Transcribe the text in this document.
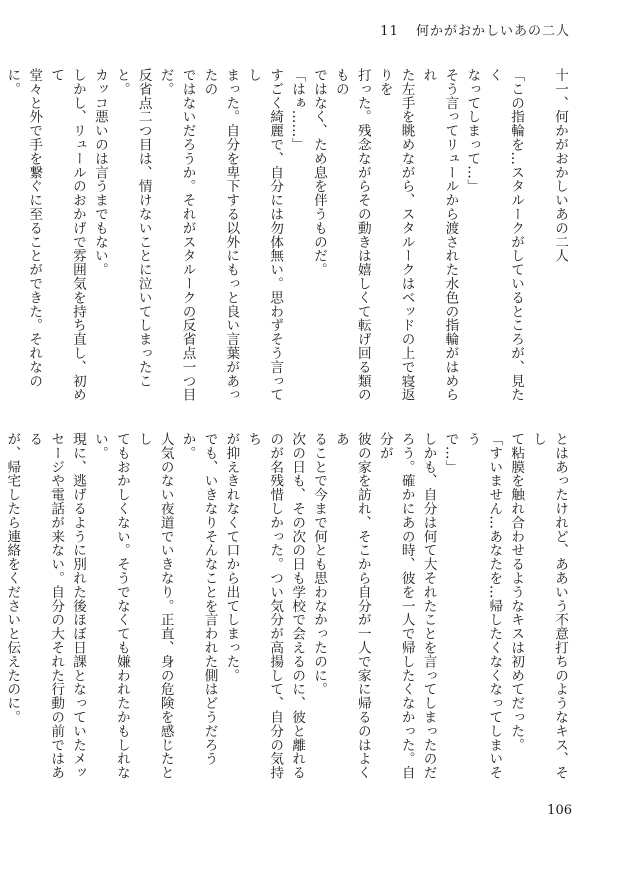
11 何かがおかしいあの二人

十一、何かがおかしいあの二人

「この指輪を…スタルークがしているところが、見たく

なってしまって…」

そう言ってリュールから渡された水色の指輪がはめられ

た左手を眺めながら、スタルークはベッドの上で寝返りを

打った。残念ながらその動きは嬉しくて転げ回る類のもの

ではなく、ため息を伴うものだ。

「はぁ……」

すごく綺麗で、自分には勿体無い。思わずそう言ってし

まった。自分を卑下する以外にもっと良い言葉があったの

ではないだろうか。それがスタルークの反省点一つ目だ。

反省点二つ目は、情けないことに泣いてしまったこと。

カッコ悪いのは言うまでもない。

しかし、リュールのおかげで雰囲気を持ち直し、初めて

堂々と外で手を繋ぐに至ることができた。それなのに。

とはあったけれど、ああいう不意打ちのようなキス、そし

て粘膜を触れ合わせるようなキスは初めてだった。

「すいません…あなたを…帰したくなくなってしまいそう

で…」

しかも、自分は何て大それたことを言ってしまったのだ

ろう。確かにあの時、彼を一人で帰したくなかった。自分が

彼の家を訪れ、そこから自分が一人で家に帰るのはよくあ

ることで今まで何とも思わなかったのに。

次の日も、その次の日も学校で会えるのに、彼と離れる

のが名残惜しかった。つい気分が高揚して、自分の気持ち

が抑えきれなくて口から出てしまった。

でも、いきなりそんなことを言われた側はどうだろうか。

人気のない夜道でいきなり。正直、身の危険を感じたとし

てもおかしくない。そうでなくても嫌われたかもしれない。

現に、逃げるように別れた後ほぼ日課となっていたメッ

セージや電話が来ない。自分の大それた行動の前ではある

が、帰宅したら連絡をくださいと伝えたのに。

106
